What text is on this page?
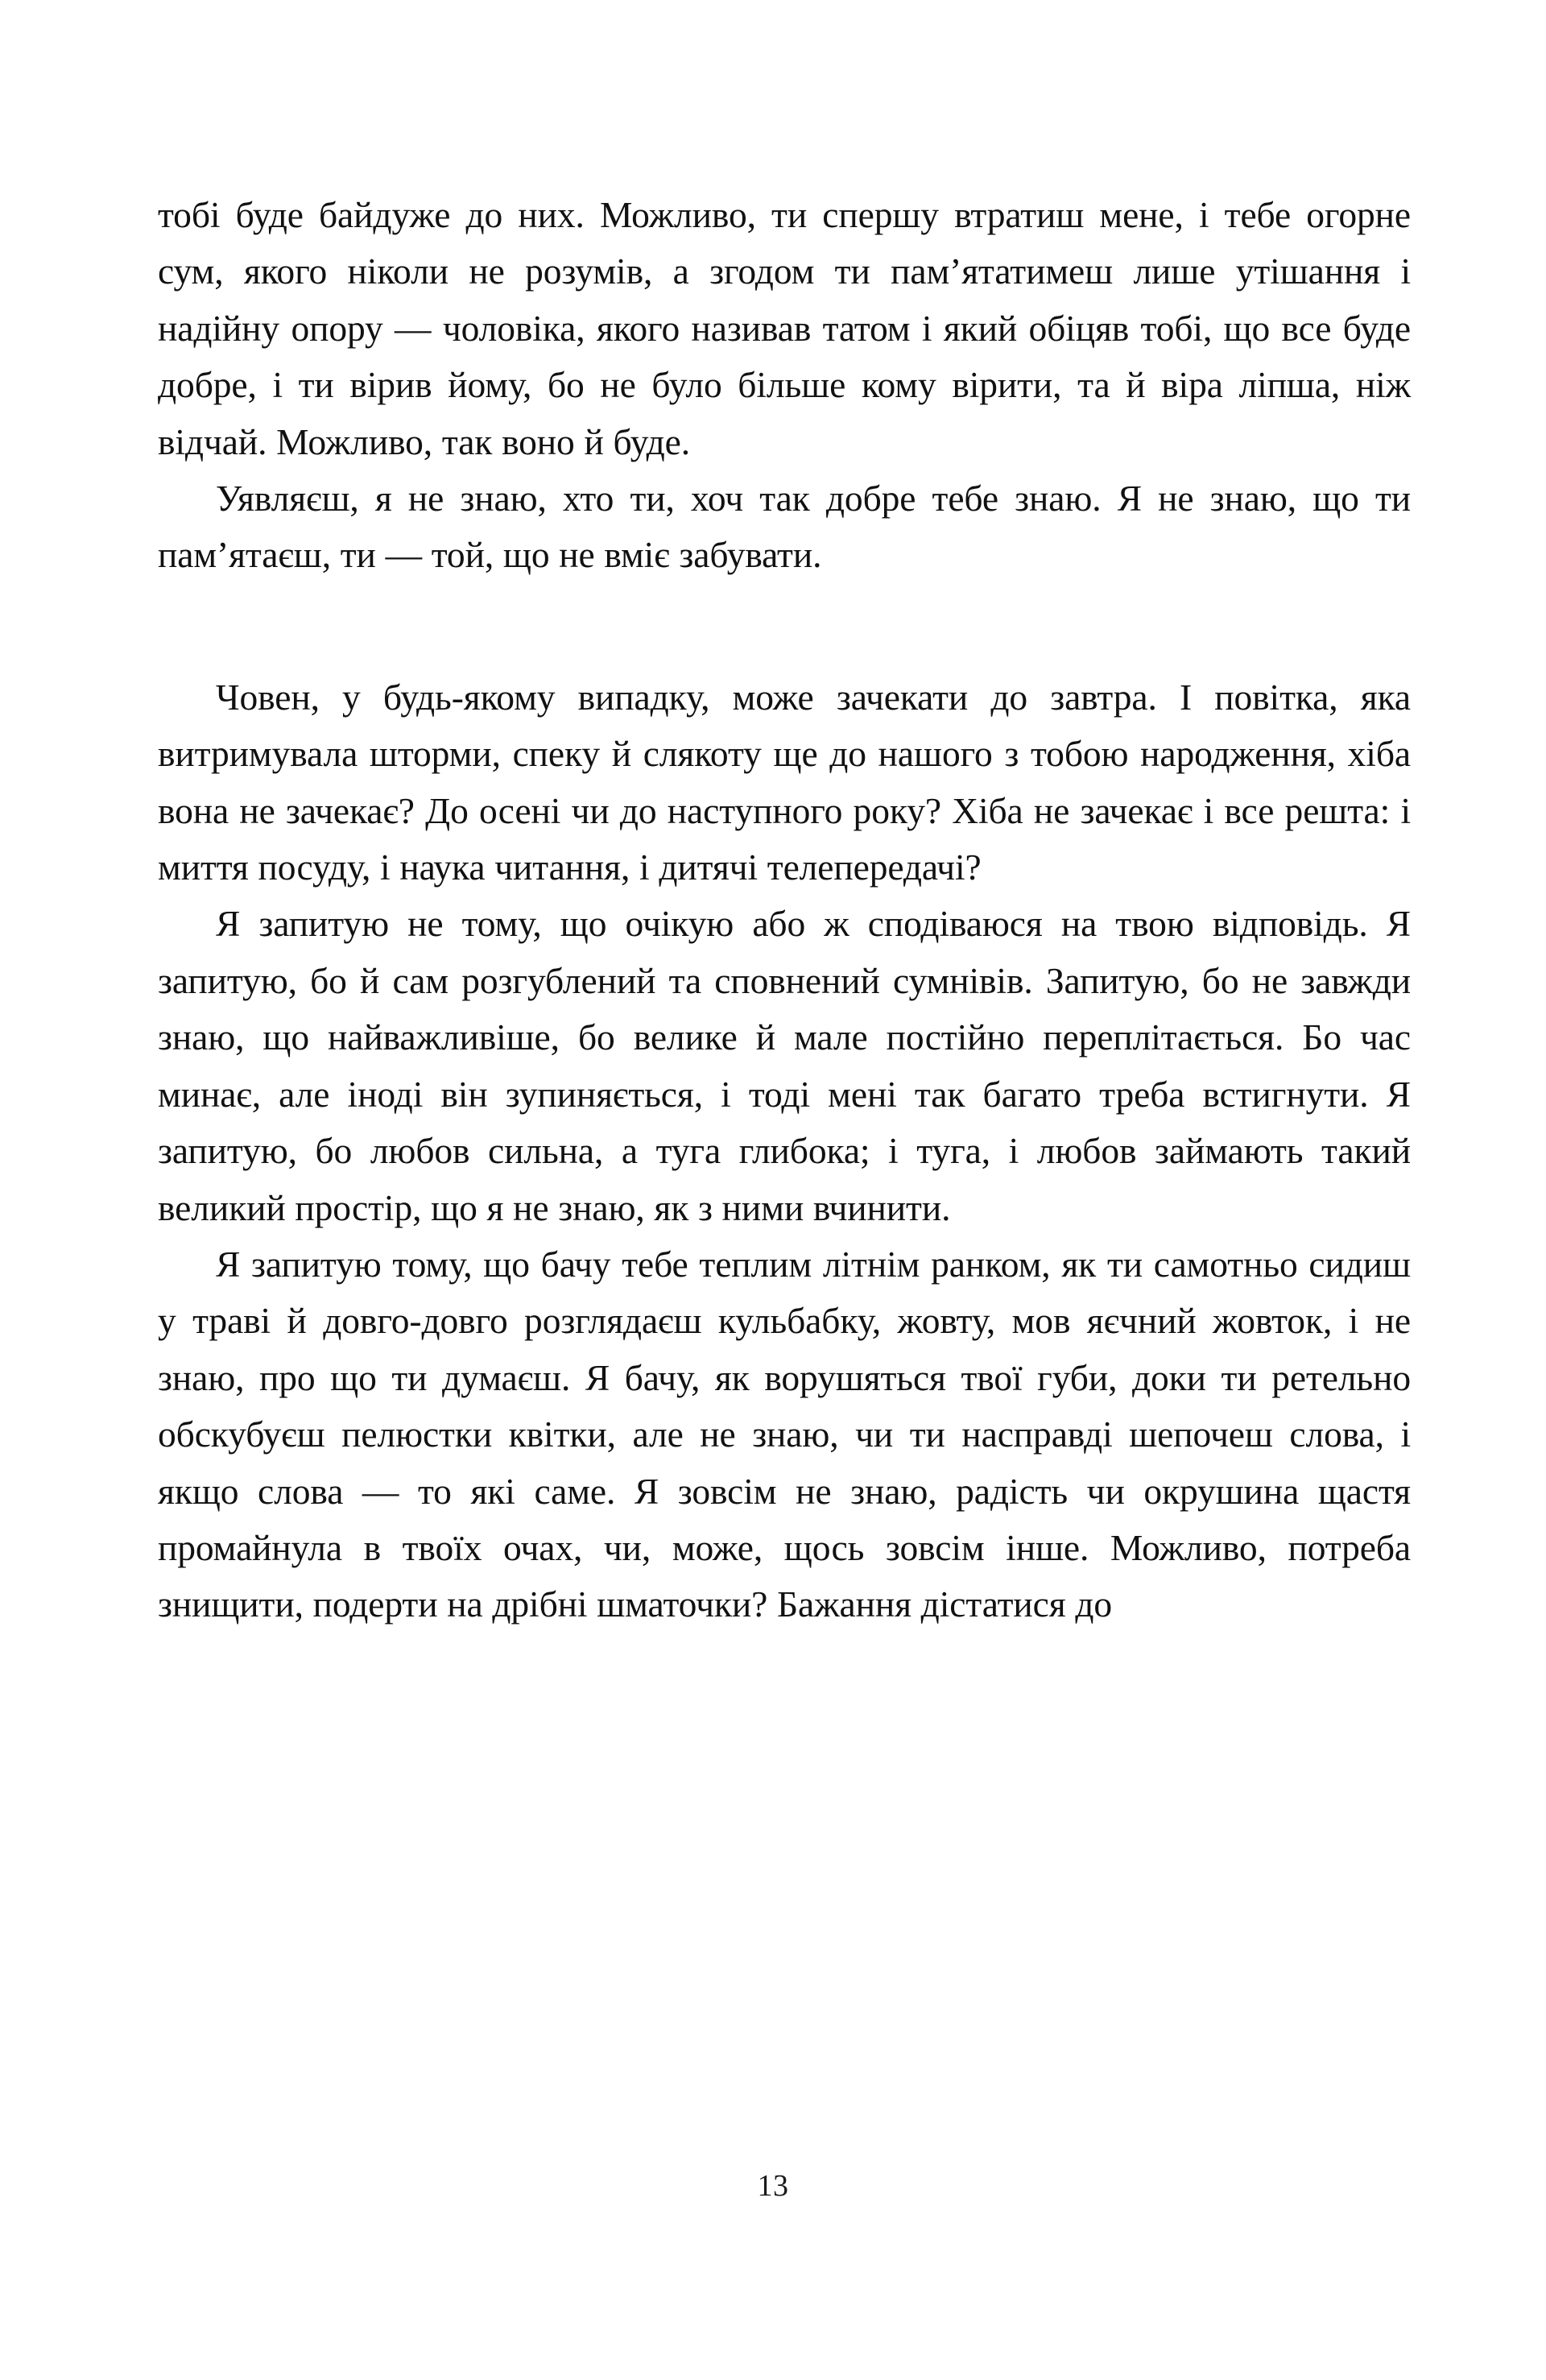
тобі буде байдуже до них. Можливо, ти спершу втратиш мене, і тебе огорне сум, якого ніколи не розумів, а згодом ти пам’ятатимеш лише утішання і надійну опору — чоловіка, якого називав татом і який обіцяв тобі, що все буде добре, і ти вірив йому, бо не було більше кому вірити, та й віра ліпша, ніж відчай. Можливо, так воно й буде.

Уявляєш, я не знаю, хто ти, хоч так добре тебе знаю. Я не знаю, що ти пам’ятаєш, ти — той, що не вміє забувати.

Човен, у будь-якому випадку, може зачекати до завтра. І повітка, яка витримувала шторми, спеку й слякоту ще до нашого з тобою народження, хіба вона не зачекає? До осені чи до наступного року? Хіба не зачекає і все решта: і миття посуду, і наука читання, і дитячі телепередачі?

Я запитую не тому, що очікую або ж сподіваюся на твою відповідь. Я запитую, бо й сам розгублений та сповнений сумнівів. Запитую, бо не завжди знаю, що найважливіше, бо велике й мале постійно переплітається. Бо час минає, але іноді він зупиняється, і тоді мені так багато треба встигнути. Я запитую, бо любов сильна, а туга глибока; і туга, і любов займають такий великий простір, що я не знаю, як з ними вчинити.

Я запитую тому, що бачу тебе теплим літнім ранком, як ти самотньо сидиш у траві й довго-довго розглядаєш кульбабку, жовту, мов яєчний жовток, і не знаю, про що ти думаєш. Я бачу, як ворушяться твої губи, доки ти ретельно обскубуєш пелюстки квітки, але не знаю, чи ти насправді шепочеш слова, і якщо слова — то які саме. Я зовсім не знаю, радість чи окрушина щастя промайнула в твоїх очах, чи, може, щось зовсім інше. Можливо, потреба знищити, подерти на дрібні шматочки? Бажання дістатися до

13
